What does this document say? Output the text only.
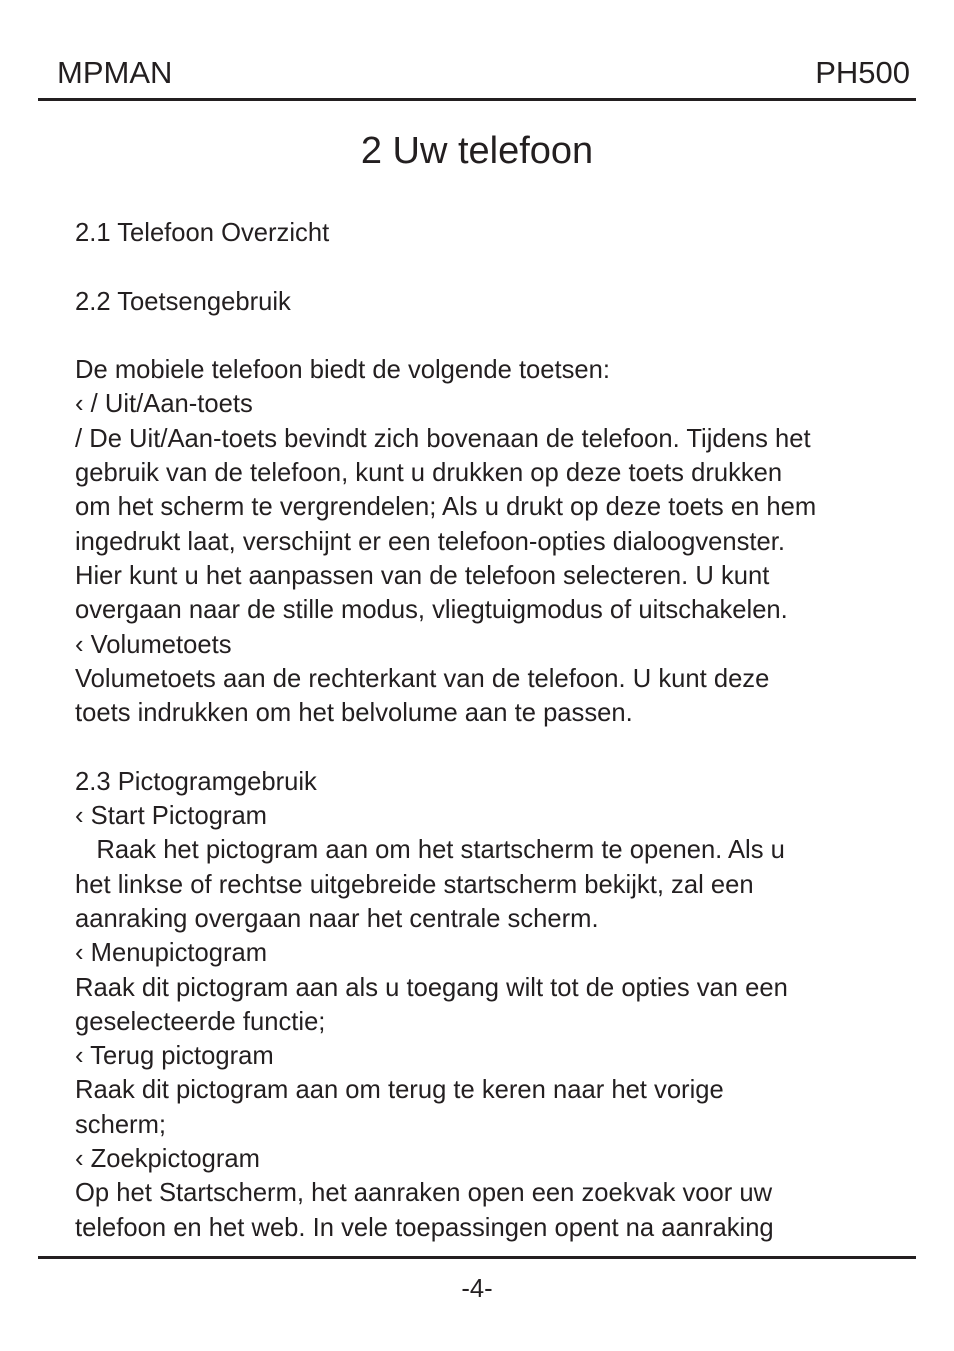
MPMAN	PH500
2 Uw telefoon
2.1 Telefoon Overzicht
2.2 Toetsengebruik
De mobiele telefoon biedt de volgende toetsen:
‹ / Uit/Aan-toets
/ De Uit/Aan-toets bevindt zich bovenaan de telefoon. Tijdens het
gebruik van de telefoon, kunt u drukken op deze toets drukken
om het scherm te vergrendelen; Als u drukt op deze toets en hem
ingedrukt laat, verschijnt er een telefoon-opties dialoogvenster.
Hier kunt u het aanpassen van de telefoon selecteren. U kunt
overgaan naar de stille modus, vliegtuigmodus of uitschakelen.
‹ Volumetoets
Volumetoets aan de rechterkant van de telefoon. U kunt deze
toets indrukken om het belvolume aan te passen.
2.3 Pictogramgebruik
‹ Start Pictogram
Raak het pictogram aan om het startscherm te openen. Als u
het linkse of rechtse uitgebreide startscherm bekijkt, zal een
aanraking overgaan naar het centrale scherm.
‹ Menupictogram
Raak dit pictogram aan als u toegang wilt tot de opties van een
geselecteerde functie;
‹ Terug pictogram
Raak dit pictogram aan om terug te keren naar het vorige
scherm;
‹ Zoekpictogram
Op het Startscherm, het aanraken open een zoekvak voor uw
telefoon en het web. In vele toepassingen opent na aanraking
-4-
